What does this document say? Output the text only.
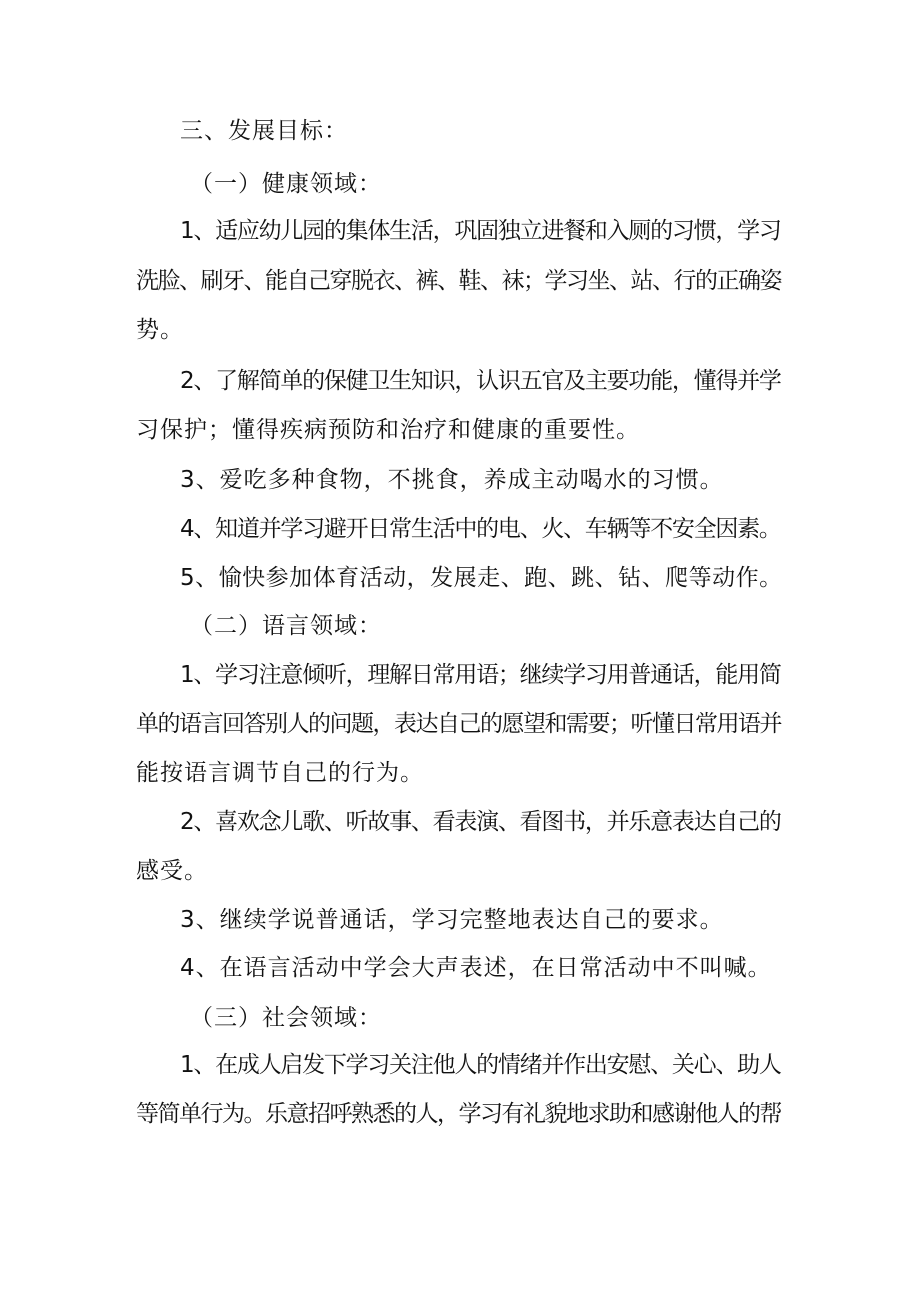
三、发展目标：

（一）健康领域：

1、适应幼儿园的集体生活，巩固独立进餐和入厕的习惯，学习

洗脸、刷牙、能自己穿脱衣、裤、鞋、袜；学习坐、站、行的正确姿

势。

2、了解简单的保健卫生知识，认识五官及主要功能，懂得并学

习保护；懂得疾病预防和治疗和健康的重要性。

3、爱吃多种食物，不挑食，养成主动喝水的习惯。

4、知道并学习避开日常生活中的电、火、车辆等不安全因素。

5、愉快参加体育活动，发展走、跑、跳、钻、爬等动作。

（二）语言领域：

1、学习注意倾听，理解日常用语；继续学习用普通话，能用简

单的语言回答别人的问题，表达自己的愿望和需要；听懂日常用语并

能按语言调节自己的行为。

2、喜欢念儿歌、听故事、看表演、看图书，并乐意表达自己的

感受。

3、继续学说普通话，学习完整地表达自己的要求。

4、在语言活动中学会大声表述，在日常活动中不叫喊。

（三）社会领域：

1、在成人启发下学习关注他人的情绪并作出安慰、关心、助人

等简单行为。乐意招呼熟悉的人，学习有礼貌地求助和感谢他人的帮
